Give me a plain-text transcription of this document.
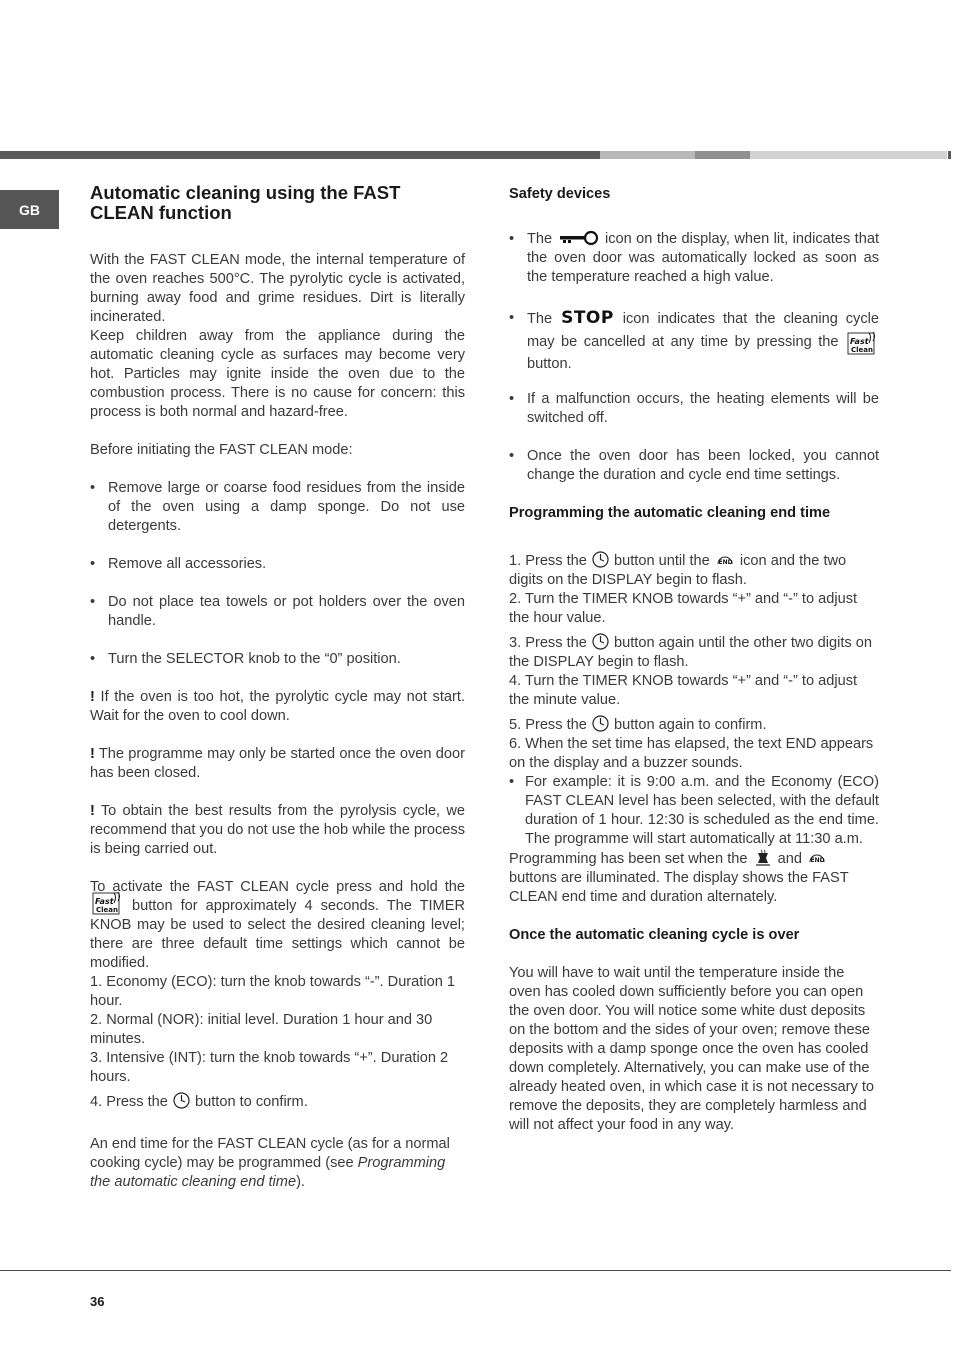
GB
Automatic cleaning using the FAST CLEAN function

With the FAST CLEAN mode, the internal temperature of the oven reaches 500°C. The pyrolytic cycle is activated, burning away food and grime residues. Dirt is literally incinerated.

Keep children away from the appliance during the automatic cleaning cycle as surfaces may become very hot. Particles may ignite inside the oven due to the combustion process. There is no cause for concern: this process is both normal and hazard-free.

Before initiating the FAST CLEAN mode:

• Remove large or coarse food residues from the inside of the oven using a damp sponge. Do not use detergents.
• Remove all accessories.
• Do not place tea towels or pot holders over the oven handle.
• Turn the SELECTOR knob to the “0” position.

! If the oven is too hot, the pyrolytic cycle may not start. Wait for the oven to cool down.

! The programme may only be started once the oven door has been closed.

! To obtain the best results from the pyrolysis cycle, we recommend that you do not use the hob while the process is being carried out.

To activate the FAST CLEAN cycle press and hold the
Fast
Clean button for approximately 4 seconds. The TIMER KNOB may be used to select the desired cleaning level; there are three default time settings which cannot be modified.

1. Economy (ECO): turn the knob towards “-”. Duration 1 hour.

2. Normal (NOR): initial level. Duration 1 hour and 30 minutes.

3. Intensive (INT): turn the knob towards “+”. Duration 2 hours.

4. Press the button to confirm.

An end time for the FAST CLEAN cycle (as for a normal cooking cycle) may be programmed (see Programming the automatic cleaning end time).

Safety devices
• The	icon on the display, when lit, indicates that the oven door was automatically locked as soon as the temperature reached a high value.
• The STOP icon indicates that the cleaning cycle may be cancelled at any time by pressing the Fast
Clean
button.
• If a malfunction occurs, the heating elements will be switched off.
• Once the oven door has been locked, you cannot change the duration and cycle end time settings.
Programming the automatic cleaning end time

1. Press the button until the END icon and the two digits on the DISPLAY begin to flash.

2. Turn the TIMER KNOB towards “+” and “-” to adjust the hour value.

3. Press the button again until the other two digits on the DISPLAY begin to flash.

4. Turn the TIMER KNOB towards “+” and “-” to adjust the minute value.

5. Press the button again to confirm.

6. When the set time has elapsed, the text END appears on the display and a buzzer sounds.

• For example: it is 9:00 a.m. and the Economy (ECO) FAST CLEAN level has been selected, with the default duration of 1 hour. 12:30 is scheduled as the end time. The programme will start automatically at 11:30 a.m.

Programming has been set when the and END
buttons are illuminated. The display shows the FAST CLEAN end time and duration alternately.

Once the automatic cleaning cycle is over

You will have to wait until the temperature inside the oven has cooled down sufficiently before you can open the oven door. You will notice some white dust deposits on the bottom and the sides of your oven; remove these deposits with a damp sponge once the oven has cooled down completely. Alternatively, you can make use of the already heated oven, in which case it is not necessary to remove the deposits, they are completely harmless and will not affect your food in any way.

36
